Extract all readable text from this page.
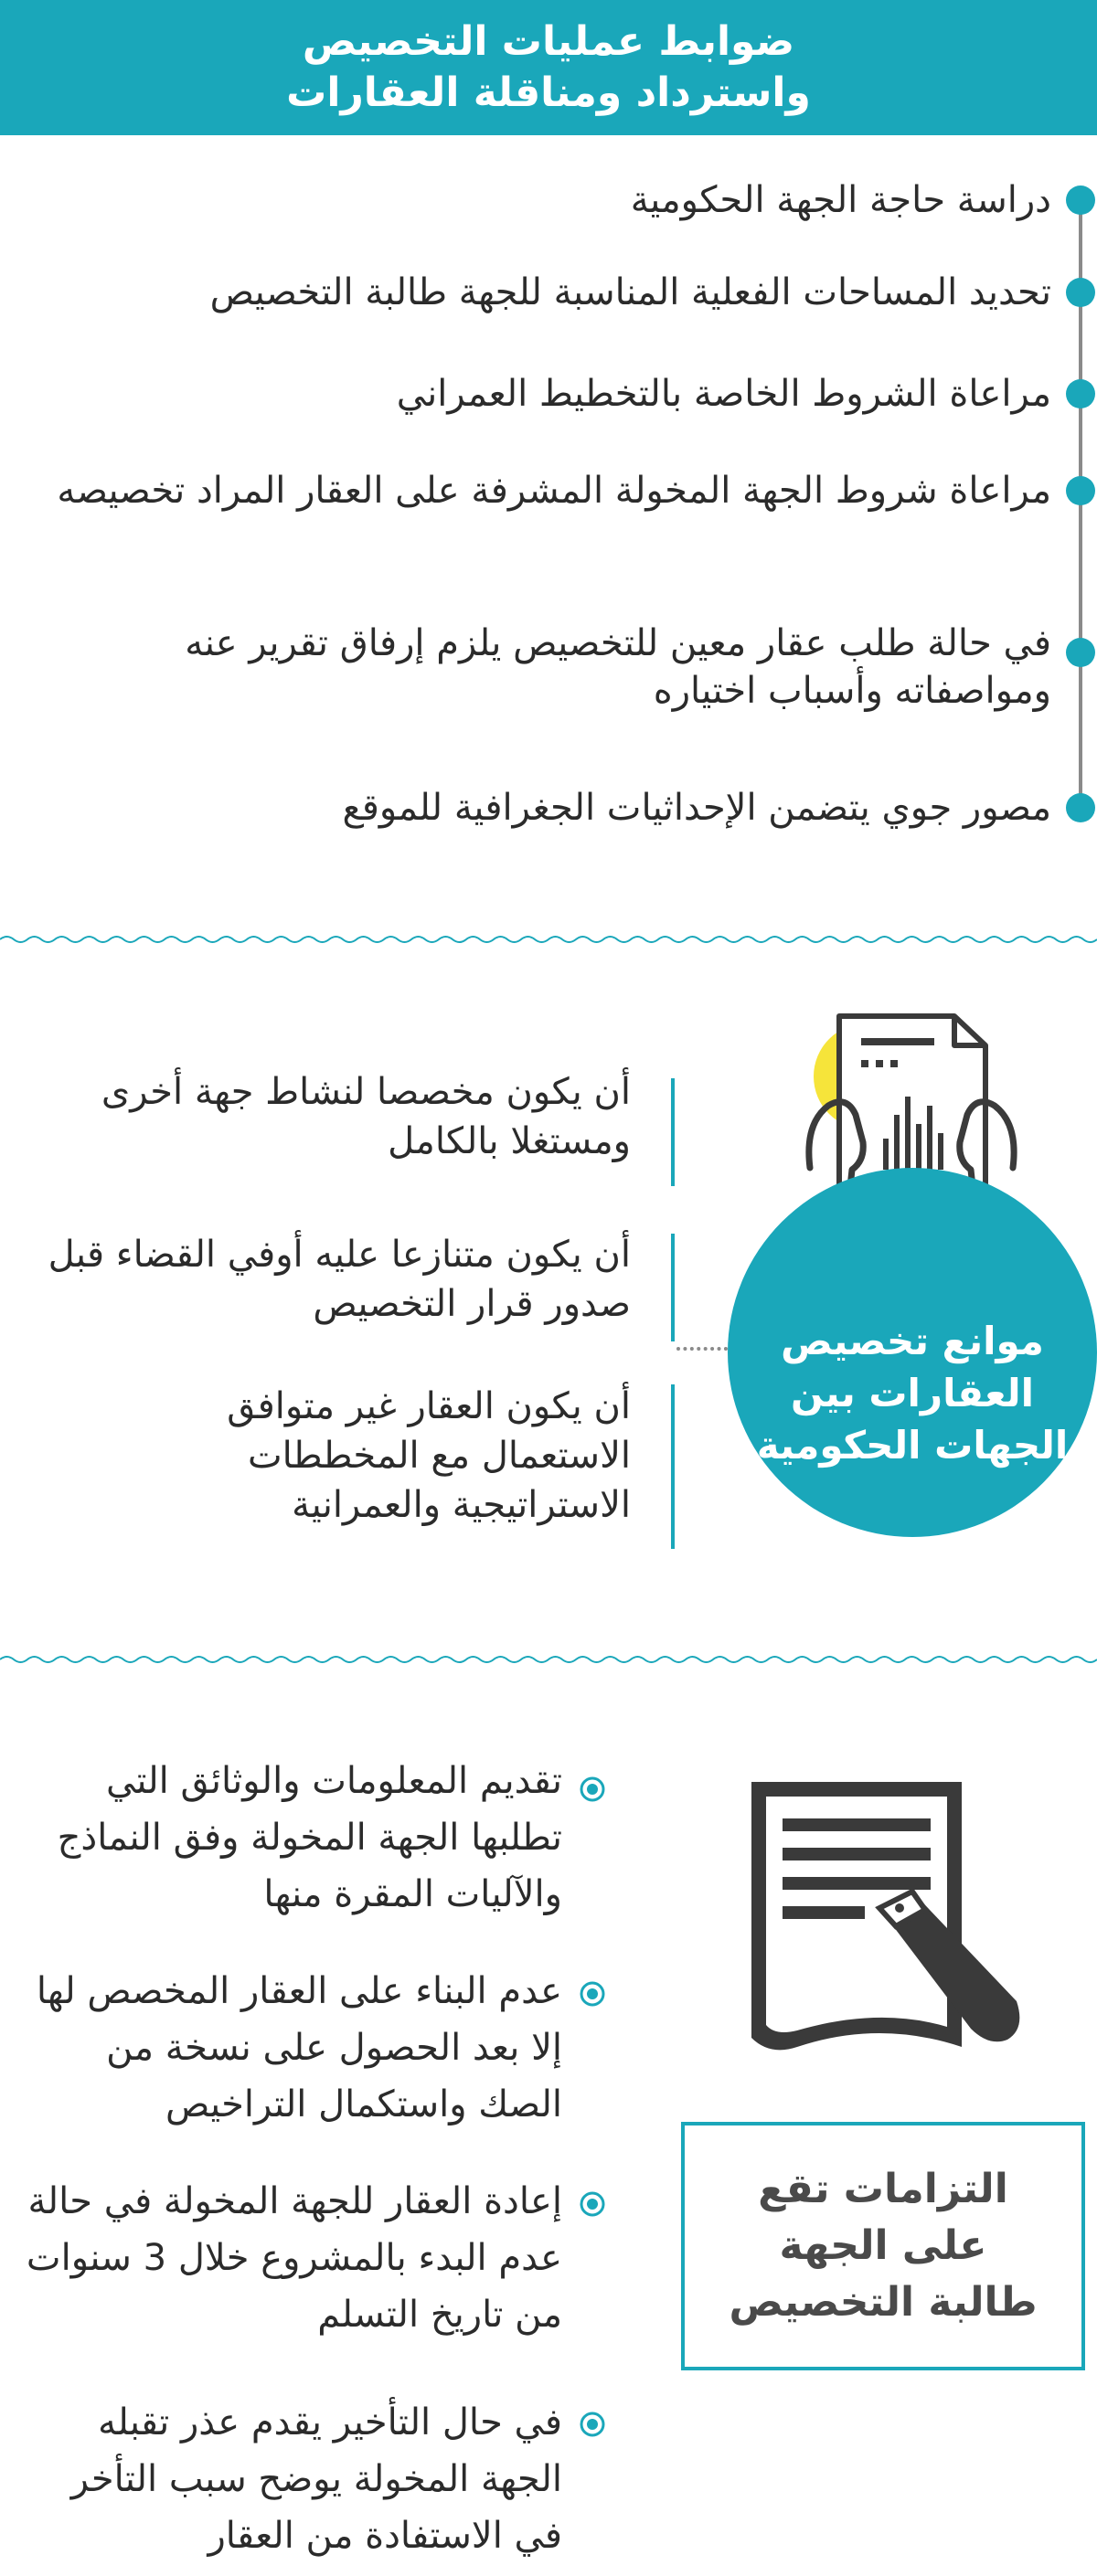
ضوابط عمليات التخصيص
واسترداد ومناقلة العقارات
دراسة حاجة الجهة الحكومية
تحديد المساحات الفعلية المناسبة للجهة طالبة التخصيص
مراعاة الشروط الخاصة بالتخطيط العمراني
مراعاة شروط الجهة المخولة المشرفة على العقار المراد تخصيصه
في حالة طلب عقار معين للتخصيص يلزم إرفاق تقرير عنه ومواصفاته وأسباب اختياره
مصور جوي يتضمن الإحداثيات الجغرافية للموقع
موانع تخصيص العقارات بين الجهات الحكومية
أن يكون مخصصا لنشاط جهة أخرى ومستغلا بالكامل
أن يكون متنازعا عليه أوفي القضاء قبل صدور قرار التخصيص
أن يكون العقار غير متوافق الاستعمال مع المخططات الاستراتيجية والعمرانية
التزامات تقع على الجهة طالبة التخصيص
تقديم المعلومات والوثائق التي تطلبها الجهة المخولة وفق النماذج والآليات المقرة منها
عدم البناء على العقار المخصص لها إلا بعد الحصول على نسخة من الصك واستكمال التراخيص
إعادة العقار للجهة المخولة في حالة عدم البدء بالمشروع خلال 3 سنوات من تاريخ التسلم
في حال التأخير يقدم عذر تقبله الجهة المخولة يوضح سبب التأخر في الاستفادة من العقار
